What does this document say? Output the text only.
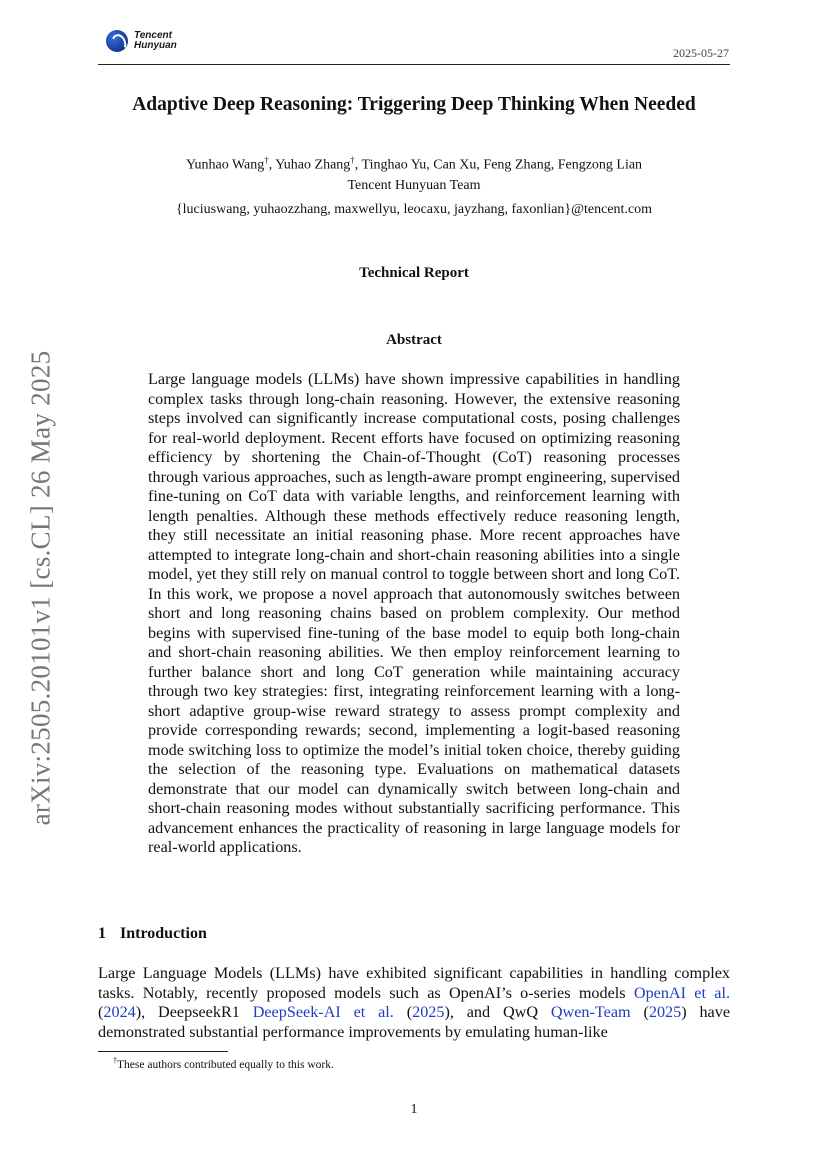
Tencent
Hunyuan
2025-05-27
arXiv:2505.20101v1 [cs.CL] 26 May 2025
Adaptive Deep Reasoning: Triggering Deep Thinking When Needed
Yunhao Wang†, Yuhao Zhang†, Tinghao Yu, Can Xu, Feng Zhang, Fengzong Lian
Tencent Hunyuan Team
{luciuswang, yuhaozzhang, maxwellyu, leocaxu, jayzhang, faxonlian}@tencent.com
Technical Report
Abstract
Large language models (LLMs) have shown impressive capabilities in handling complex tasks through long-chain reasoning. However, the extensive reasoning steps involved can significantly increase computational costs, posing challenges for real-world deployment. Recent efforts have focused on optimizing reasoning efficiency by shortening the Chain-of-Thought (CoT) reasoning processes through various approaches, such as length-aware prompt engineering, supervised fine-tuning on CoT data with variable lengths, and reinforcement learning with length penalties. Although these methods effectively reduce reasoning length, they still necessitate an initial reasoning phase. More recent approaches have attempted to integrate long-chain and short-chain reasoning abilities into a single model, yet they still rely on manual control to toggle between short and long CoT. In this work, we propose a novel approach that autonomously switches between short and long reasoning chains based on problem complexity. Our method begins with supervised fine-tuning of the base model to equip both long-chain and short-chain reasoning abilities. We then employ reinforcement learning to further balance short and long CoT generation while maintaining accuracy through two key strategies: first, integrating reinforcement learning with a long-short adaptive group-wise reward strategy to assess prompt complexity and provide corresponding rewards; second, implementing a logit-based reasoning mode switching loss to optimize the model’s initial token choice, thereby guiding the selection of the reasoning type. Evaluations on mathematical datasets demonstrate that our model can dynamically switch between long-chain and short-chain reasoning modes without substantially sacrificing performance. This advancement enhances the practicality of reasoning in large language models for real-world applications.
1 Introduction
Large Language Models (LLMs) have exhibited significant capabilities in handling complex tasks. Notably, recently proposed models such as OpenAI’s o-series models OpenAI et al. (2024), DeepseekR1 DeepSeek-AI et al. (2025), and QwQ Qwen-Team (2025) have demonstrated substantial performance improvements by emulating human-like
†These authors contributed equally to this work.
1
